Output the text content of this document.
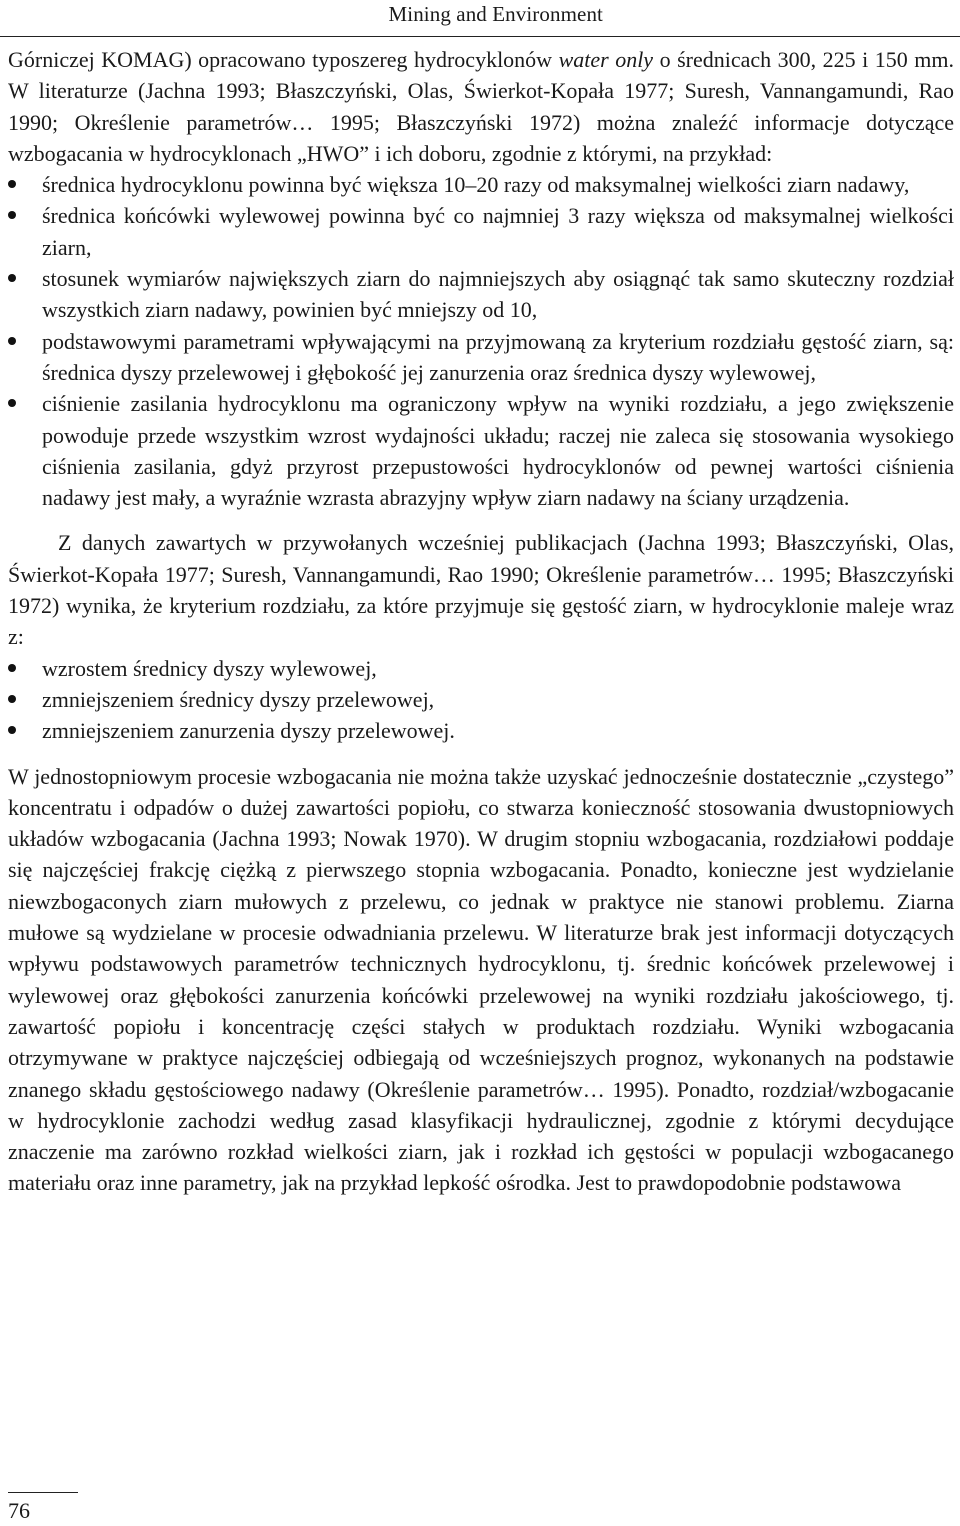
Mining and Environment

Górniczej KOMAG) opracowano typoszereg hydrocyklonów water only o średnicach 300, 225 i 150 mm. W literaturze (Jachna 1993; Błaszczyński, Olas, Świerkot-Kopała 1977; Suresh, Vannangamundi, Rao 1990; Określenie parametrów… 1995; Błaszczyński 1972) można znaleźć informacje dotyczące wzbogacania w hydrocyklonach „HWO” i ich doboru, zgodnie z którymi, na przykład:

średnica hydrocyklonu powinna być większa 10–20 razy od maksymalnej wielkości ziarn nadawy,
średnica końcówki wylewowej powinna być co najmniej 3 razy większa od maksymalnej wielkości ziarn,
stosunek wymiarów największych ziarn do najmniejszych aby osiągnąć tak samo skuteczny rozdział wszystkich ziarn nadawy, powinien być mniejszy od 10,
podstawowymi parametrami wpływającymi na przyjmowaną za kryterium rozdziału gęstość ziarn, są: średnica dyszy przelewowej i głębokość jej zanurzenia oraz średnica dyszy wylewowej,
ciśnienie zasilania hydrocyklonu ma ograniczony wpływ na wyniki rozdziału, a jego zwiększenie powoduje przede wszystkim wzrost wydajności układu; raczej nie zaleca się stosowania wysokiego ciśnienia zasilania, gdyż przyrost przepustowości hydrocyklonów od pewnej wartości ciśnienia nadawy jest mały, a wyraźnie wzrasta abrazyjny wpływ ziarn nadawy na ściany urządzenia.

Z danych zawartych w przywołanych wcześniej publikacjach (Jachna 1993; Błaszczyński, Olas, Świerkot-Kopała 1977; Suresh, Vannangamundi, Rao 1990; Określenie parametrów… 1995; Błaszczyński 1972) wynika, że kryterium rozdziału, za które przyjmuje się gęstość ziarn, w hydrocyklonie maleje wraz z:

wzrostem średnicy dyszy wylewowej,
zmniejszeniem średnicy dyszy przelewowej,
zmniejszeniem zanurzenia dyszy przelewowej.

W jednostopniowym procesie wzbogacania nie można także uzyskać jednocześnie dostatecznie „czystego” koncentratu i odpadów o dużej zawartości popiołu, co stwarza konieczność stosowania dwustopniowych układów wzbogacania (Jachna 1993; Nowak 1970). W drugim stopniu wzbogacania, rozdziałowi poddaje się najczęściej frakcję ciężką z pierwszego stopnia wzbogacania. Ponadto, konieczne jest wydzielanie niewzbogaconych ziarn mułowych z przelewu, co jednak w praktyce nie stanowi problemu. Ziarna mułowe są wydzielane w procesie odwadniania przelewu. W literaturze brak jest informacji dotyczących wpływu podstawowych parametrów technicznych hydrocyklonu, tj. średnic końcówek przelewowej i wylewowej oraz głębokości zanurzenia końcówki przelewowej na wyniki rozdziału jakościowego, tj. zawartość popiołu i koncentrację części stałych w produktach rozdziału. Wyniki wzbogacania otrzymywane w praktyce najczęściej odbiegają od wcześniejszych prognoz, wykonanych na podstawie znanego składu gęstościowego nadawy (Określenie parametrów… 1995). Ponadto, rozdział/wzbogacanie w hydrocyklonie zachodzi według zasad klasyfikacji hydraulicznej, zgodnie z którymi decydujące znaczenie ma zarówno rozkład wielkości ziarn, jak i rozkład ich gęstości w populacji wzbogacanego materiału oraz inne parametry, jak na przykład lepkość ośrodka. Jest to prawdopodobnie podstawowa

76
